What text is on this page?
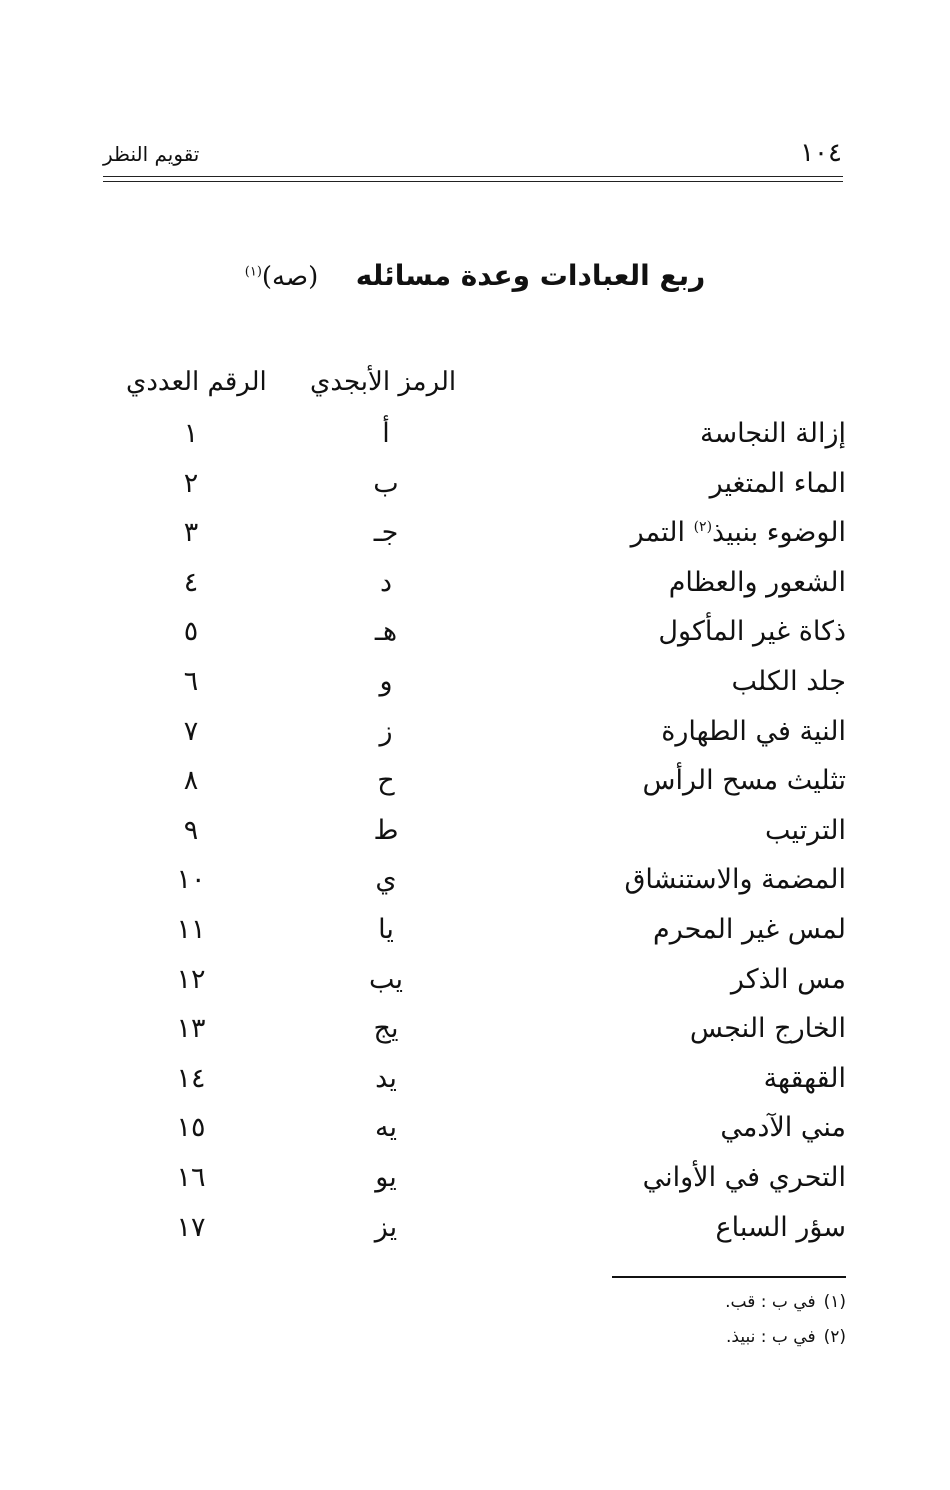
تقويم النظر	١٠٤
ربع العبادات وعدة مسائله (صه)$^{(١)}$
الرمز الأبجدي
الرقم العددي
إزالة النجاسة
أ
١
الماء المتغير
ب
٢
الوضوء بنبيذ$^{(٢)}$ التمر
جـ
٣
الشعور والعظام
د
٤
ذكاة غير المأكول
هـ
٥
جلد الكلب
و
٦
النية في الطهارة
ز
٧
تثليث مسح الرأس
ح
٨
الترتيب
ط
٩
المضمة والاستنشاق
ي
١٠
لمس غير المحرم
يا
١١
مس الذكر
يب
١٢
الخارج النجس
يج
١٣
القهقهة
يد
١٤
مني الآدمي
يه
١٥
التحري في الأواني
يو
١٦
سؤر السباع
يز
١٧
(١)في ب : قب.
(٢)في ب : نبيذ.
